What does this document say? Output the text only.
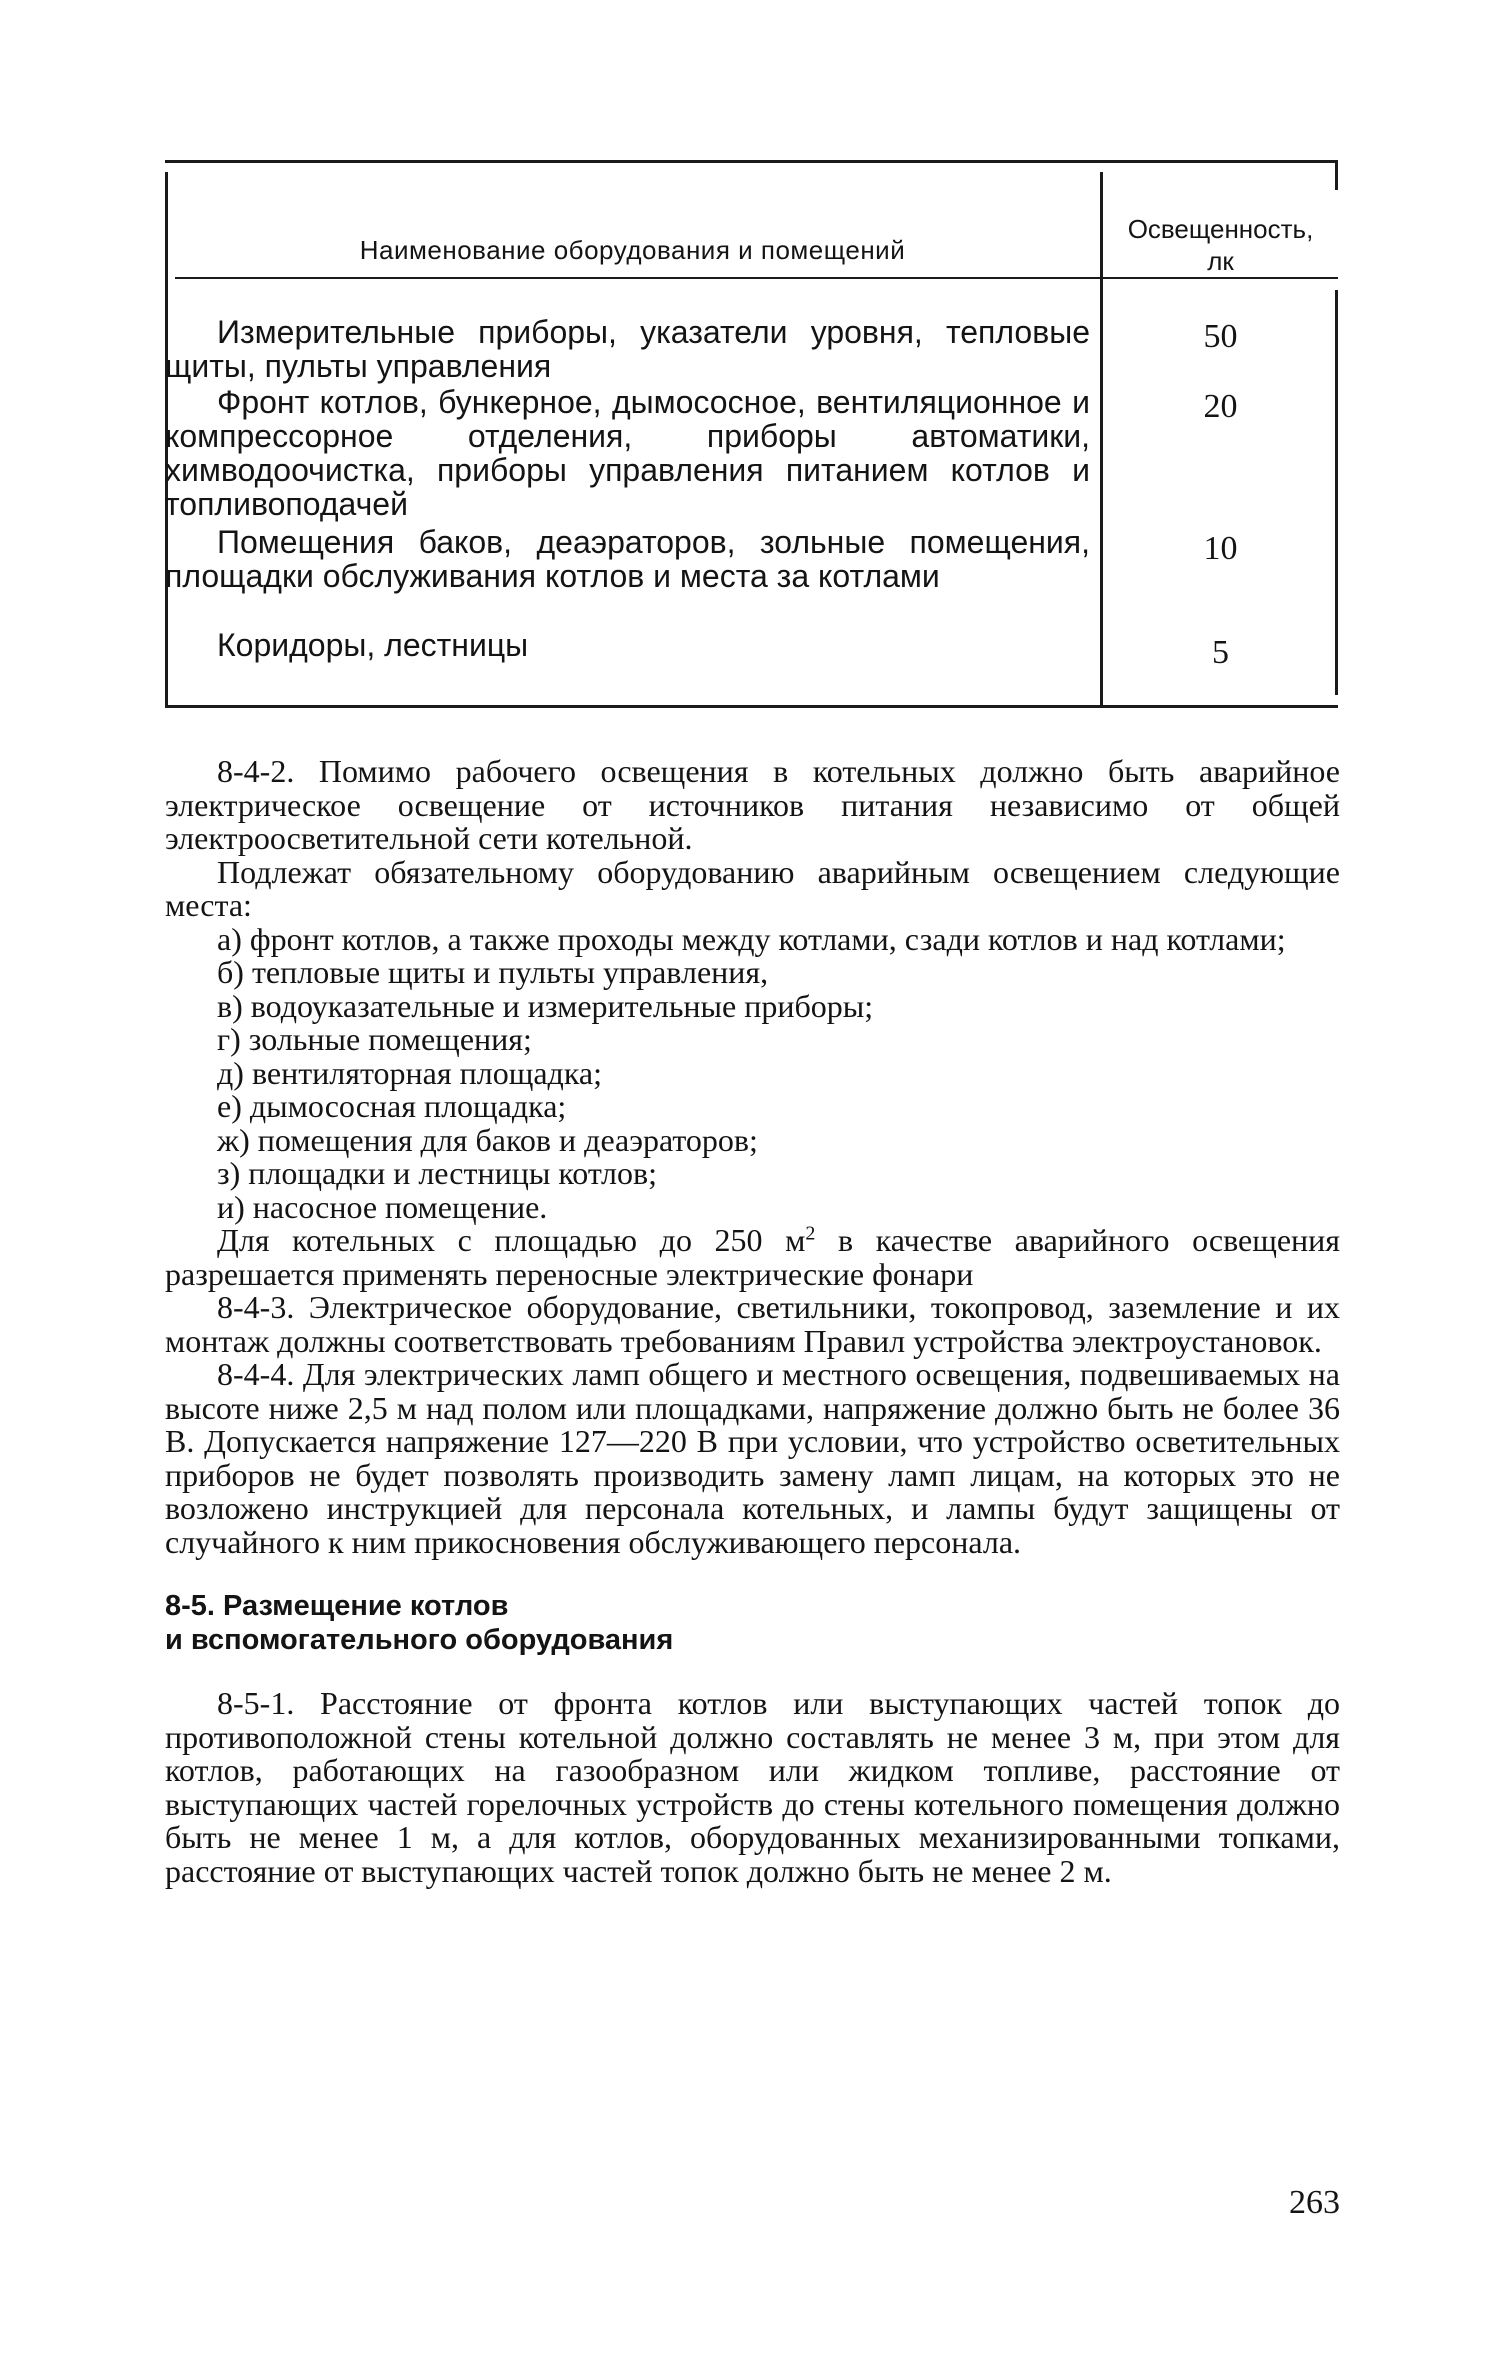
Наименование оборудования и помещений
Освещенность,
лк
Измерительные приборы, указатели уровня, тепловые щиты, пульты управления
50
Фронт котлов, бункерное, дымососное, вентиляционное и компрессорное отделения, приборы автоматики, химводоочистка, приборы управления питанием котлов и топливоподачей
20
Помещения баков, деаэраторов, зольные помещения, площадки обслуживания котлов и места за котлами
10
Коридоры, лестницы	5

8-4-2. Помимо рабочего освещения в котельных должно быть аварийное электрическое освещение от источников питания независимо от общей электроосветительной сети котельной.

Подлежат обязательному оборудованию аварийным освещением следующие места:

а) фронт котлов, а также проходы между котлами, сзади котлов и над котлами;

б) тепловые щиты и пульты управления,

в) водоуказательные и измерительные приборы;

г) зольные помещения;

д) вентиляторная площадка;

е) дымососная площадка;

ж) помещения для баков и деаэраторов;

з) площадки и лестницы котлов;

и) насосное помещение.

Для котельных с площадью до 250 $м^2$ в качестве аварийного освещения разрешается применять переносные электрические фонари

8-4-3. Электрическое оборудование, светильники, токопровод, заземление и их монтаж должны соответствовать требованиям Правил устройства электроустановок.

8-4-4. Для электрических ламп общего и местного освещения, подвешиваемых на высоте ниже 2,5 м над полом или площадками, напряжение должно быть не более 36 В. Допускается напряжение 127—220 В при условии, что устройство осветительных приборов не будет позволять производить замену ламп лицам, на которых это не возложено инструкцией для персонала котельных, и лампы будут защищены от случайного к ним прикосновения обслуживающего персонала.

8-5. Размещение котлов
и вспомогательного оборудования

8-5-1. Расстояние от фронта котлов или выступающих частей топок до противоположной стены котельной должно составлять не менее 3 м, при этом для котлов, работающих на газообразном или жидком топливе, расстояние от выступающих частей горелочных устройств до стены котельного помещения должно быть не менее 1 м, а для котлов, оборудованных механизированными топками, расстояние от выступающих частей топок должно быть не менее 2 м.

263
